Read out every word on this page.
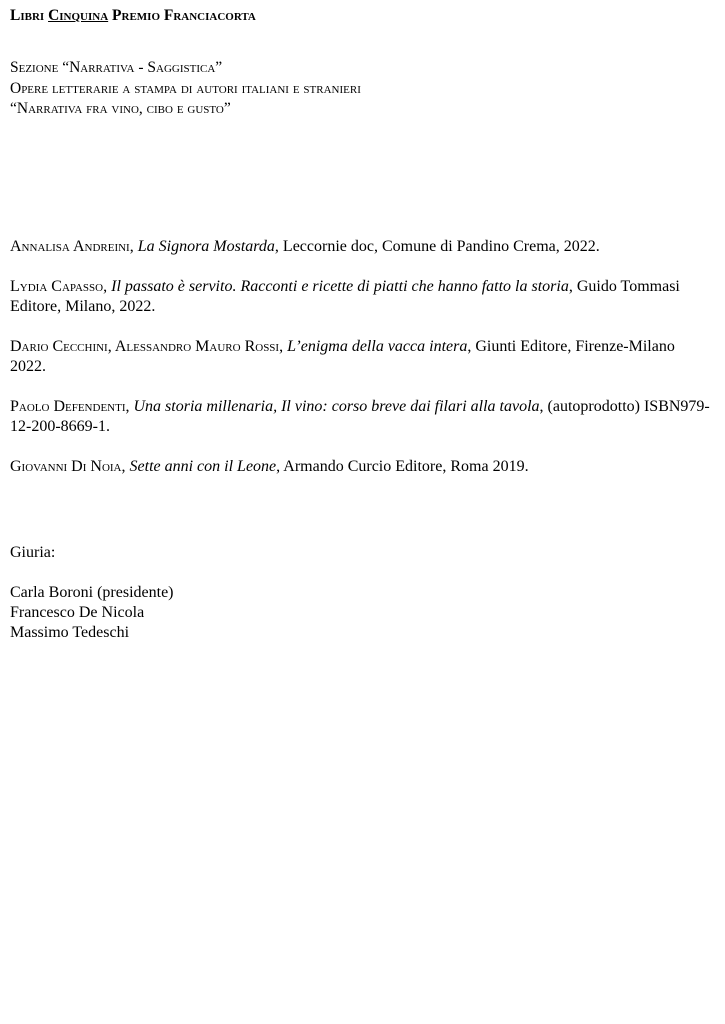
Libri Cinquina Premio Franciacorta

Sezione “Narrativa - Saggistica”

Opere letterarie a stampa di autori italiani e stranieri

“Narrativa fra vino, cibo e gusto”

Annalisa Andreini, La Signora Mostarda, Leccornie doc, Comune di Pandino Crema, 2022.

Lydia Capasso, Il passato è servito. Racconti e ricette di piatti che hanno fatto la storia, Guido Tommasi Editore, Milano, 2022.

Dario Cecchini, Alessandro Mauro Rossi, L’enigma della vacca intera, Giunti Editore, Firenze-Milano 2022.

Paolo Defendenti, Una storia millenaria, Il vino: corso breve dai filari alla tavola, (autoprodotto) ISBN979-12-200-8669-1.

Giovanni Di Noia, Sette anni con il Leone, Armando Curcio Editore, Roma 2019.

Giuria:

Carla Boroni (presidente)

Francesco De Nicola

Massimo Tedeschi
